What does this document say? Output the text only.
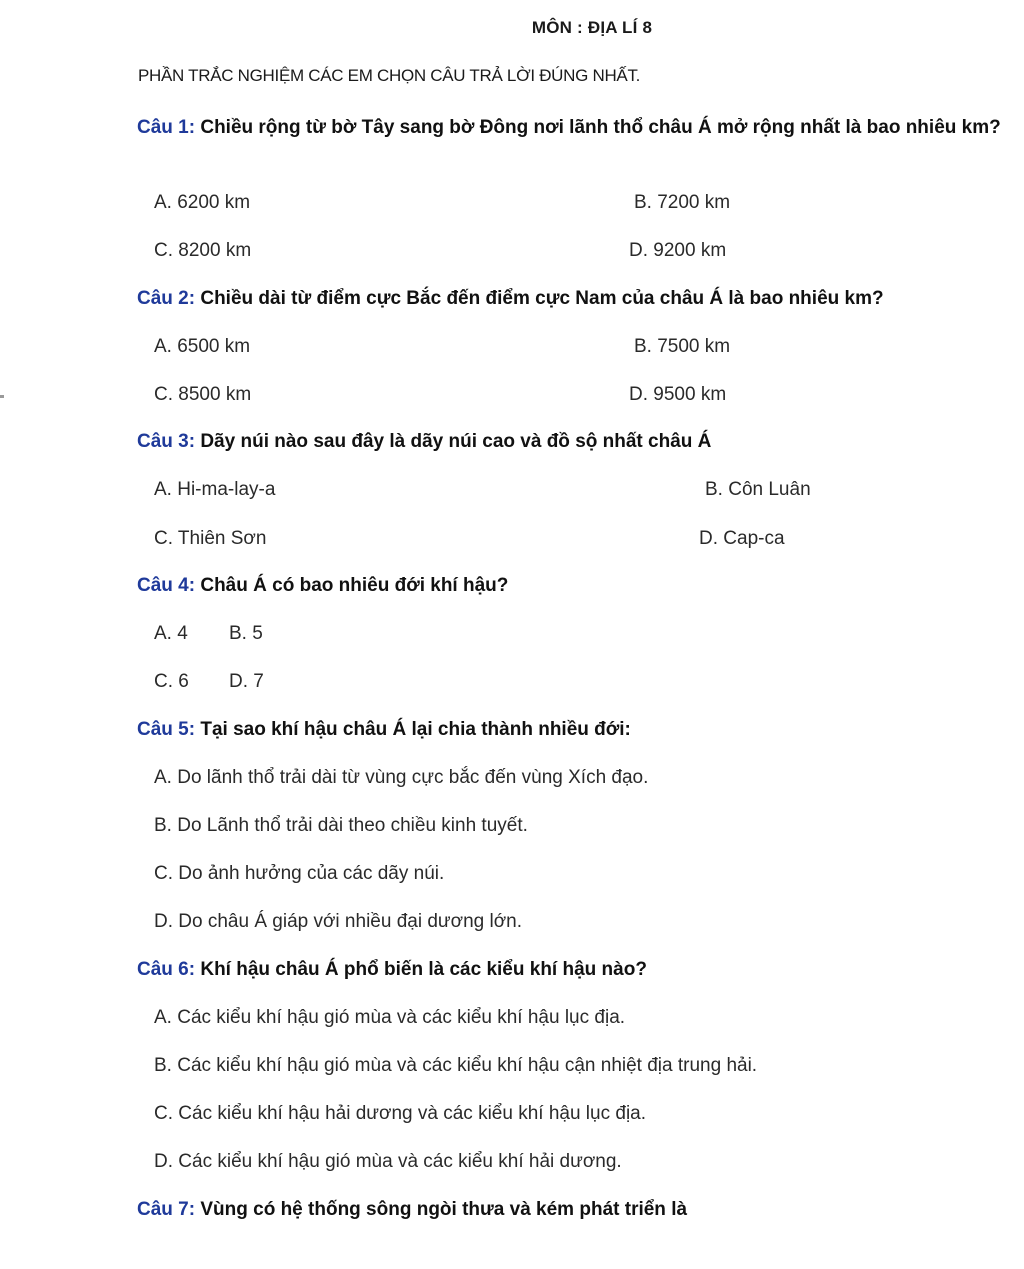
MÔN : ĐỊA LÍ 8
PHẦN TRẮC NGHIỆM CÁC EM CHỌN CÂU TRẢ LỜI ĐÚNG NHẤT.
Câu 1: Chiều rộng từ bờ Tây sang bờ Đông nơi lãnh thổ châu Á mở rộng nhất là bao nhiêu km?
A. 6200 km	B. 7200 km
C. 8200 km	D. 9200 km
Câu 2: Chiều dài từ điểm cực Bắc đến điểm cực Nam của châu Á là bao nhiêu km?
A. 6500 km	B. 7500 km
C. 8500 km	D. 9500 km
Câu 3: Dãy núi nào sau đây là dãy núi cao và đồ sộ nhất châu Á
A. Hi-ma-lay-a	B. Côn Luân
C. Thiên Sơn	D. Cap-ca
Câu 4: Châu Á có bao nhiêu đới khí hậu?
A. 4 B. 5
C. 6 D. 7
Câu 5: Tại sao khí hậu châu Á lại chia thành nhiều đới:
A. Do lãnh thổ trải dài từ vùng cực bắc đến vùng Xích đạo.
B. Do Lãnh thổ trải dài theo chiều kinh tuyết.
C. Do ảnh hưởng của các dãy núi.
D. Do châu Á giáp với nhiều đại dương lớn.
Câu 6: Khí hậu châu Á phổ biến là các kiểu khí hậu nào?
A. Các kiểu khí hậu gió mùa và các kiểu khí hậu lục địa.
B. Các kiểu khí hậu gió mùa và các kiểu khí hậu cận nhiệt địa trung hải.
C. Các kiểu khí hậu hải dương và các kiểu khí hậu lục địa.
D. Các kiểu khí hậu gió mùa và các kiểu khí hải dương.
Câu 7: Vùng có hệ thống sông ngòi thưa và kém phát triển là
